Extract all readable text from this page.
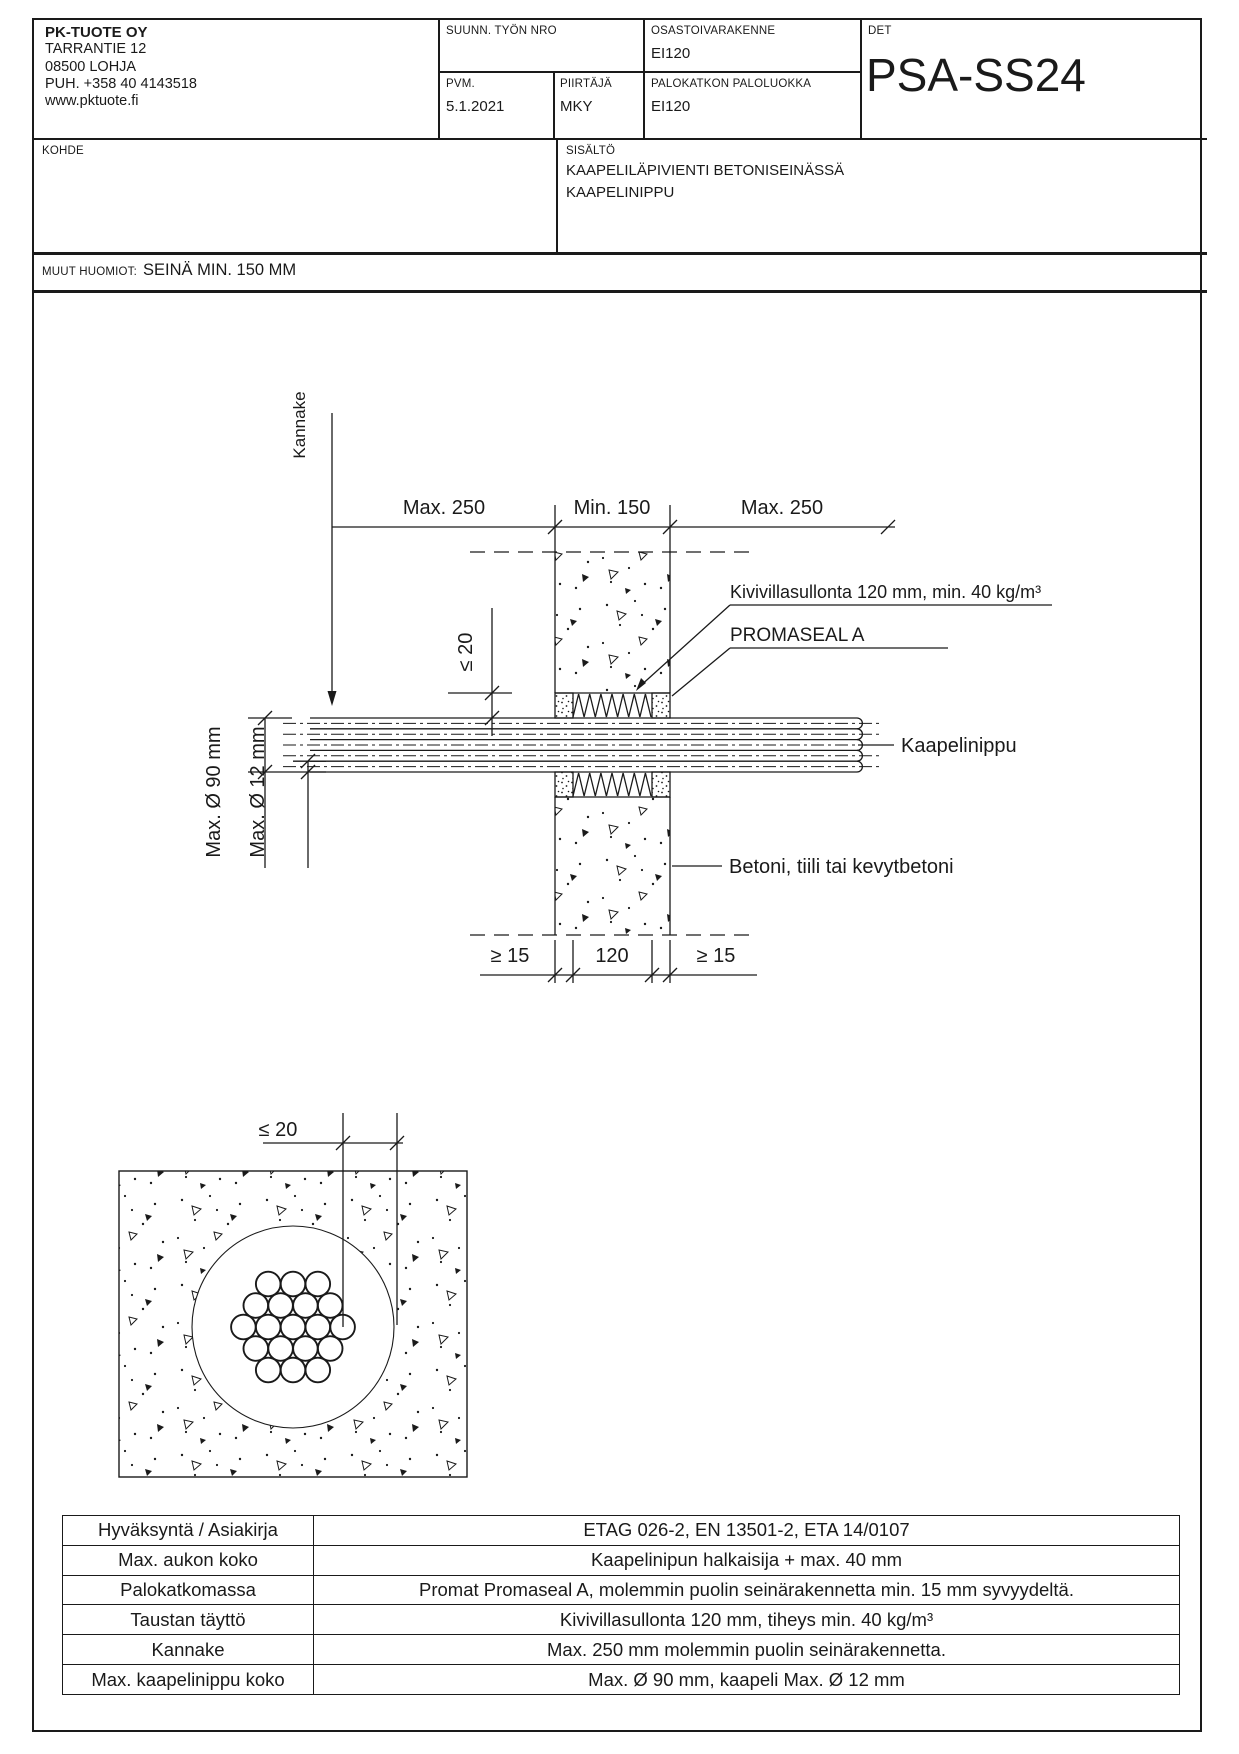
PK-TUOTE OY
TARRANTIE 12
08500 LOHJA
PUH. +358 40 4143518
www.pktuote.fi
SUUNN. TYÖN NRO
PVM.
5.1.2021
PIIRTÄJÄ
MKY
OSASTOIVARAKENNE
EI120
PALOKATKON PALOLUOKKA
EI120
DET
PSA-SS24
KOHDE	SISÄLTÖ
KAAPELILÄPIVIENTI BETONISEINÄSSÄ
KAAPELINIPPU
MUUT HUOMIOT: SEINÄ MIN. 150 MM
Max. 250	Min. 150	Max. 250
Kannake
≤ 20
Kivivillasullonta 120 mm, min. 40 kg/m³
PROMASEAL A
Kaapelinippu
Betoni, tiili tai kevytbetoni
Max. Ø 90 mm Max. Ø 12 mm
≥ 15	120	≥ 15
≤ 20
Hyväksyntä / Asiakirja	ETAG 026-2, EN 13501-2, ETA 14/0107
Max. aukon koko	Kaapelinipun halkaisija + max. 40 mm
Palokatkomassa	Promat Promaseal A, molemmin puolin seinärakennetta min. 15 mm syvyydeltä.
Taustan täyttö	Kivivillasullonta 120 mm, tiheys min. 40 kg/m³
Kannake	Max. 250 mm molemmin puolin seinärakennetta.
Max. kaapelinippu koko	Max. Ø 90 mm, kaapeli Max. Ø 12 mm
